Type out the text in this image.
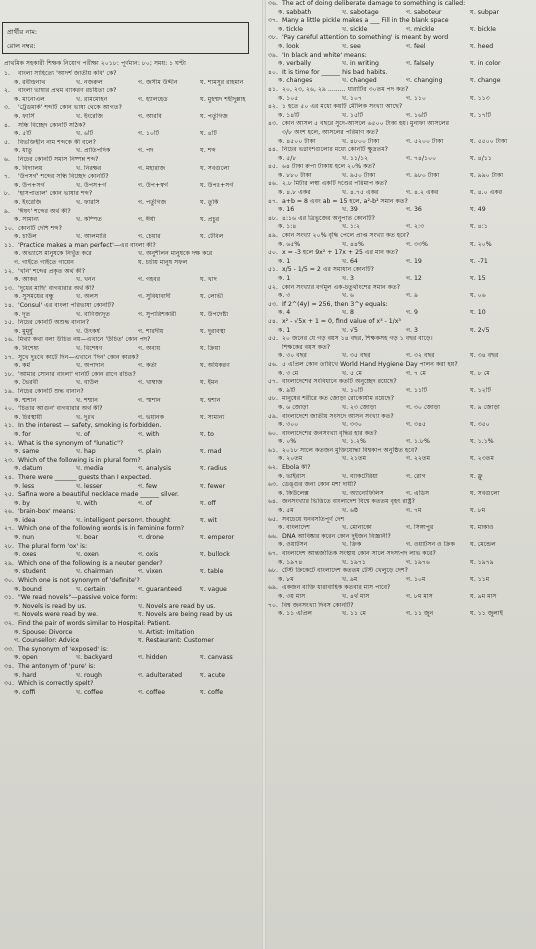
প্রার্থীর নাম:
রোল নম্বর:
প্রাথমিক সহকারী শিক্ষক নিয়োগ পরীক্ষা ২০১৮: পূর্ণমান: ৮০; সময়: ১ ঘণ্টা
১. বাংলা সাহিত্যে 'আদর্শ জাতীয় কবি' কে?
ক. রবীন্দ্রনাথ	খ. নজরুল	গ. জসীম উদ্দীন	ঘ. শামসুর রাহমান
২. বাংলা ভাষার প্রথম ব্যাকরণ রচয়িতা কে?
ক. মানোএল	খ. রামমোহন	গ. হ্যালহেড	ঘ. মুহম্মদ শহীদুল্লাহ
৩. 'ট্রেডমার্ক' শব্দটি কোন ভাষা থেকে আগত?
ক. ফার্সি	খ. ইংরেজি	গ. আরবি	ঘ. পর্তুগিজ
৪. সন্ধি বিচ্ছেদ কোনটি সঠিক?
ক. ৫টি	খ. ৬টি	গ. ১০টি	ঘ. ৪টি
৫. বিভক্তিহীন নাম শব্দকে কী বলে?
ক. ধাতু	খ. প্রাতিপদিক	গ. পদ	ঘ. শব্দ
৬. নিচের কোনটি সমাস নিষ্পন্ন শব্দ?
ক. বিদ্যালয়	খ. নিরক্ষর	গ. মহারাজ	ঘ. সবগুলো
৭. 'উপসর্গ' শব্দের সন্ধি বিচ্ছেদ কোনটি?
ক. উপ+সর্গ	খ. উপস+র্গ	গ. উপ+স্বর্গ	ঘ. উপঃ+সর্গ
৮. 'হাসপাতাল' কোন ভাষার শব্দ?
ক. ইংরেজি	খ. ফারসি	গ. পর্তুগিজ	ঘ. তুর্কি
৯. 'ঈষৎ' শব্দের অর্থ কী?
ক. সামান্য	খ. কম্পিত	গ. ঈর্ষা	ঘ. প্রচুর
১০. কোনটি দেশি শব্দ?
ক. চাউল	খ. আলমারি	গ. চেয়ার	ঘ. টেবিল
১১. 'Practice makes a man perfect'—এর বাংলা কী?
ক. অভ্যাসে মানুষকে নিখুঁত করে	খ. অনুশীলন মানুষকে দক্ষ করে
গ. গাইতে গাইতে গায়েন	ঘ. চর্চায় মানুষ সফল
১২. 'খনি' শব্দের প্রকৃত অর্থ কী?
ক. আকর	খ. খনন	গ. গহবর	ঘ. খাদ
১৩. 'দুধের মাছি' বাগধারার অর্থ কী?
ক. সুসময়ের বন্ধু	খ. অলস	গ. সুবিধাবাদী	ঘ. লোভী
১৪. 'Consul' এর বাংলা পরিভাষা কোনটি?
ক. দূত	খ. বাণিজ্যদূত	গ. সুপারিশকারী	ঘ. উপদেষ্টা
১৫. নিচের কোনটি অশুদ্ধ বানান?
ক. মুমূর্ষু	খ. উৎকর্ষ	গ. শারদীয়	ঘ. দুরাবস্থা
১৬. মিথ্যা কথা বলা উচিত নয়—এখানে 'উচিত' কোন পদ?
ক. বিশেষ্য	খ. বিশেষণ	গ. অব্যয়	ঘ. ক্রিয়া
১৭. সুখে দুঃখে কাটে দিন—এখানে 'দিন' কোন কারক?
ক. কর্ম	খ. অপাদান	গ. কর্তা	ঘ. অধিকরণ
১৮. 'আমার সোনার বাংলা' গানটি কোন রাগে রচিত?
ক. ভৈরবী	খ. বাউল	গ. খাম্বাজ	ঘ. ইমন
১৯. নিচের কোনটি শুদ্ধ বানান?
ক. শ্মশান	খ. শশ্মান	গ. স্মশান	ঘ. শ্বশান
২০. 'চিতার আগুন' বাগধারার অর্থ কী?
ক. চিরস্থায়ী	খ. দুঃখ	গ. ভয়ানক	ঘ. সামান্য
২১. In the interest — safety, smoking is forbidden.
ক. for	খ. of	গ. with	ঘ. to
২২. What is the synonym of "lunatic"?
ক. same	খ. hap	গ. plain	ঘ. mad
২৩. Which of the following is in plural form?
ক. datum	খ. media	গ. analysis	ঘ. radius
২৪. There were _______ guests than I expected.
ক. less	খ. lesser	গ. few	ঘ. fewer
২৫. Safina wore a beautiful necklace made ______ silver.
ক. by	খ. with	গ. of	ঘ. off
২৬. 'brain-box' means:
ক. idea	খ. intelligent person গ. thought	ঘ. wit
২৭. Which one of the following words is in feminine form?
ক. nun	খ. boar	গ. drone	ঘ. emperor
২৮. The plural form 'ox' is:
ক. oxes	খ. oxen	গ. oxis	ঘ. bullock
২৯. Which one of the following is a neuter gender?
ক. student	খ. chairman	গ. vixen	ঘ. table
৩০. Which one is not synonym of 'definite'?
ক. bound	খ. certain	গ. guaranteed	ঘ. vague
৩১. "We read novels"—passive voice form:
ক. Novels is read by us.	খ. Novels are read by us.
গ. Novels were read by we.	ঘ. Novels are being read by us
৩২. Find the pair of words similar to Hospital: Patient.
ক. Spouse: Divorce	খ. Artist: Imitation
গ. Counsellor: Advice	ঘ. Restaurant: Customer
৩৩. The synonym of 'exposed' is:
ক. open	খ. backyard	গ. hidden	ঘ. canvass
৩৪. The antonym of 'pure' is:
ক. hard	খ. rough	গ. adulterated	ঘ. acute
৩৫. Which is correctly spelt?
ক. coffi	খ. coffee	গ. coffee	ঘ. coffe
৩৬. The act of doing deliberate damage to something is called:
ক. sabbath	খ. sabotage	গ. saboteur	ঘ. subpar
৩৭. Many a little pickle makes a ___ Fill in the blank space
ক. tickle	খ. sickle	গ. mickle	ঘ. bickle
৩৮. 'Pay careful attention to something' is meant by word
ক. look	খ. see	গ. feel	ঘ. heed
৩৯. 'In black and white' means:
ক. verbally	খ. in writing	গ. falsely	ঘ. in color
৪০. It is time for ______ his bad habits.
ক. changes	খ. changed	গ. changing	ঘ. change
৪১. ২০, ২৩, ২৬, ২৯ ......... ধারাটির ৩০তম পদ কত?
ক. ১০৫	খ. ১০৭	গ. ১১০	ঘ. ১১৩
৪২. ১ হতে ৫০ এর মধ্যে কয়টি মৌলিক সংখ্যা আছে?
ক. ১৪টি	খ. ১৫টি	গ. ১৬টি	ঘ. ১৭টি
৪৩. কোন আসল ৫ বছরে সুদে-আসলে ৬৫০০ টাকা হয়। মুনাফা আসলের
৩/৮ অংশ হলে, আসলের পরিমাণ কত?
ক. ৪৫০০ টাকা	খ. ৪৮০০ টাকা	গ. ৫২০০ টাকা	ঘ. ৫৫০০ টাকা
৪৪. নিচের ভগ্নাংশগুলোর মধ্যে কোনটি ক্ষুদ্রতম?
ক. ৫/৮	খ. ১১/১২	গ. ৭৪/১০০	ঘ. ৪/১১
৪৫. ৬৪ টাকা রুপা টাকায় হলে ২০% কত?
ক. ৮৮০ টাকা	খ. ৯৫০ টাকা	গ. ৯৮০ টাকা	ঘ. ৯৯০ টাকা
৪৬. ২.৮ মিটার লম্বা একটি দণ্ডের পরিমাপ কত?
ক. ৪.৮ একর	খ. ৪.৭৫ একর	গ. ৪.২ একর	ঘ. ৪.০ একর
৪৭. a+b = 8 এবং ab = 15 হলে, a²-b² সমান কত?
ক. 16	খ. 39	গ. 36	ঘ. 49
৪৮. ৪:১৬ এর ত্রিভুজের অনুপাত কোনটি?
ক. ১:৪	খ. ১:২	গ. ২:৩	ঘ. ৪:১
৪৯. কোন সংখ্যা ২০% বৃদ্ধি পেলে প্রাপ্ত সংখ্যা কত হবে?
ক. ৬৫%	খ. ৪৪%	গ. ৩৩%	ঘ. ২০%
৫০. x = -3 হলে 9x² + 17x + 25 এর মান কত?
ক. 1	খ. 64	গ. 19	ঘ. -71
৫১. x/5 - 1/5 = 2 এর সমাধান কোনটি?
ক. 1	খ. 3	গ. 12	ঘ. 15
৫২. কোন সংখ্যার বর্গমূল এক-চতুর্থাংশের সমান কত?
ক. ৩	খ. ৬	গ. ৯	ঘ. ০৬
৫৩. If 2^(4y) = 256, then 3^y equals:
ক. 4	খ. 8	গ. 9	ঘ. 10
৫৪. x² - √5x + 1 = 0, find value of x³ - 1/x³
ক. 1	খ. √5	গ. 3	ঘ. 2√5
৫৫. ২০ জনের যে গড় বয়স ১৪ বছর, শিক্ষকসহ গড় ১ বছর বাড়ে।
শিক্ষকের বয়স কত?
ক. ৩০ বছর	খ. ৩৫ বছর	গ. ৩২ বছর	ঘ. ৩৪ বছর
৫৬. ৫ এপ্রিল কোন তারিখে World Hand Hygiene Day পালন করা হয়?
ক. ৩ মে	খ. ৫ মে	গ. ৭ মে	ঘ. ৮ মে
৫৭. বাংলাদেশের সংবিধানে কতটি অনুচ্ছেদ রয়েছে?
ক. ৯টি	খ. ১০টি	গ. ১১টি	ঘ. ১২টি
৫৮. মানুষের শরীরে কত জোড়া রোকোর্যাম রয়েছে?
ক. ৬ জোড়া	খ. ২৩ জোড়া	গ. ৩০ জোড়া	ঘ. ৯ জোড়া
৫৯. বাংলাদেশে জাতীয় সংসদে আসন সংখ্যা কত?
ক. ৩০০	খ. ৩৩০	গ. ৩৪৫	ঘ. ৩৫০
৬০. বাংলাদেশের জনসংখ্যা বৃদ্ধির হার কত?
ক. ০%	খ. ১.২%	গ. ১.৮%	ঘ. ১.১%
৬১. ২০১৮ সালে কতজন মুক্তিযোদ্ধা বিশ্বকাপ অনুষ্ঠিত হবে?
ক. ২০তম	খ. ২১তম	গ. ২২তম	ঘ. ২৩তম
৬২. Ebola কী?
ক. ভাইরাস	খ. ব্যাকটেরিয়া	গ. রোগ	ঘ. ফ্লু
৬৩. ডেঙ্গুর জন্য কোন মশা দায়ী?
ক. কিউলেক্স	খ. অ্যানোফিলিস	গ. এডিস	ঘ. সবগুলো
৬৪. জনসংখ্যার ভিত্তিতে বাংলাদেশ বিশ্বে কততম বৃহৎ রাষ্ট্র?
ক. ৫ম	খ. ৬ষ্ঠ	গ. ৭ম	ঘ. ৮ম
৬৫. সবচেয়ে ঘনবসতিপূর্ণ দেশ
ক. বাংলাদেশ	খ. মোনাকো	গ. সিঙ্গাপুর	ঘ. মাকাও
৬৬. DNA আবিষ্কার করেন কোন দুইজন বিজ্ঞানী?
ক. ওয়াটসন	খ. ক্রিক	গ. ওয়াটসন ও ক্রিক	ঘ. মেন্ডেল
৬৭. বাংলাদেশ আন্তর্জাতিক সংস্থায় কোন সালে সদস্যপদ লাভ করে?
ক. ১৯৭৪	খ. ১৯৭১	গ. ১৯৭৬	ঘ. ১৯৭৯
৬৮. টেস্ট ক্রিকেটে বাংলাদেশ কততম টেস্ট খেলুড়ে দেশ?
ক. ৮ম	খ. ৯ম	গ. ১০ম	ঘ. ১১ম
৬৯. একজন ব্যক্তি ধারাবাহিক কতবার মাস পাবে?
ক. ৩য় মাস	খ. ৪র্থ মাস	গ. ৮ম মাস	ঘ. ৯ম মাস
৭০. বিশ্ব জনসংখ্যা দিবস কোনটি?
ক. ১১ এপ্রিল	খ. ১১ মে	গ. ১১ জুন	ঘ. ১১ জুলাই
